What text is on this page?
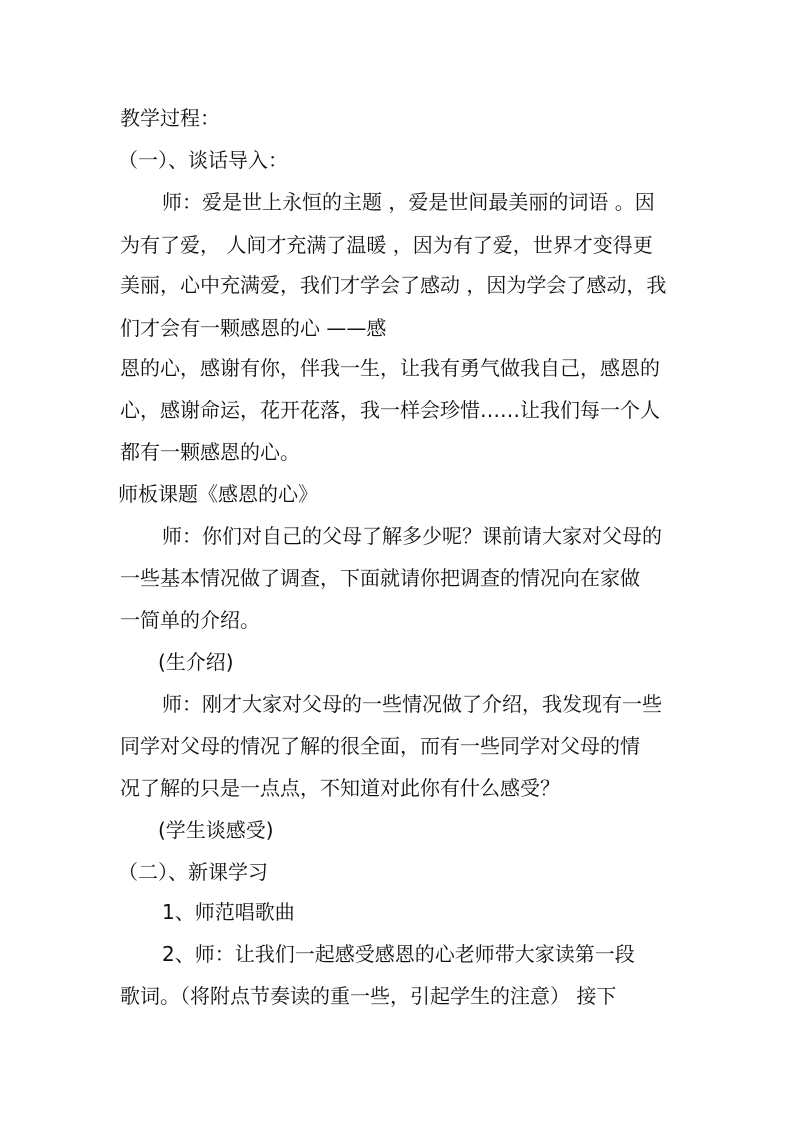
教学过程：
（一）、谈话导入：
师：爱是世上永恒的主题 ，爱是世间最美丽的词语 。因
为有了爱， 人间才充满了温暖 ，因为有了爱，世界才变得更
美丽，心中充满爱，我们才学会了感动 ，因为学会了感动，我
们才会有一颗感恩的心 ——感
恩的心，感谢有你，伴我一生，让我有勇气做我自己，感恩的
心，感谢命运，花开花落，我一样会珍惜……让我们每一个人
都有一颗感恩的心。
师板课题《感恩的心》
师：你们对自己的父母了解多少呢？课前请大家对父母的
一些基本情况做了调查，下面就请你把调查的情况向在家做
一简单的介绍。
(生介绍)
师：刚才大家对父母的一些情况做了介绍，我发现有一些
同学对父母的情况了解的很全面，而有一些同学对父母的情
况了解的只是一点点，不知道对此你有什么感受？
(学生谈感受)
（二）、新课学习
1、师范唱歌曲
2、师：让我们一起感受感恩的心老师带大家读第一段
歌词。（将附点节奏读的重一些，引起学生的注意） 接下
